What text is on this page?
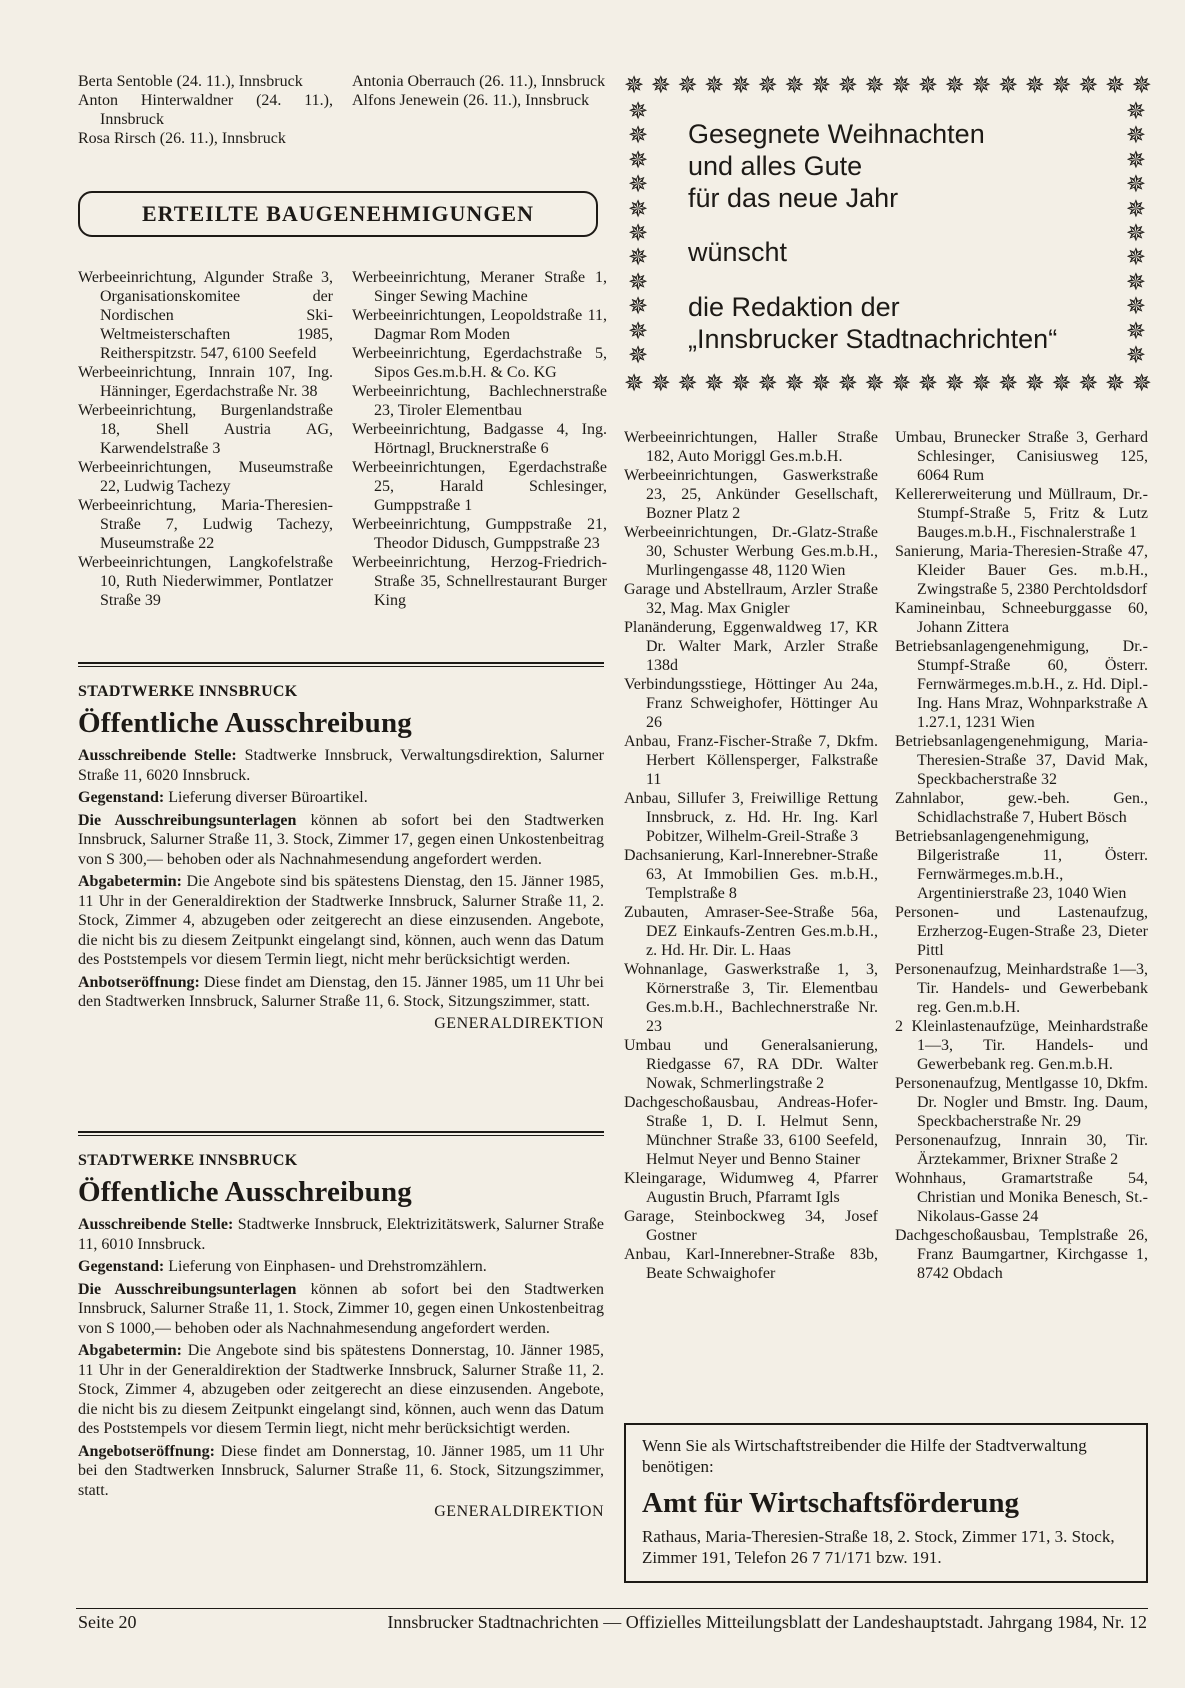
Berta Sentoble (24. 11.), Innsbruck
Anton Hinterwaldner (24. 11.), Innsbruck
Rosa Rirsch (26. 11.), Innsbruck
Antonia Oberrauch (26. 11.), Innsbruck
Alfons Jenewein (26. 11.), Innsbruck
ERTEILTE BAUGENEHMIGUNGEN
Werbeeinrichtung, Algunder Straße 3, Organisationskomitee der Nordischen Ski-Weltmeisterschaften 1985, Reitherspitzstr. 547, 6100 Seefeld
Werbeeinrichtung, Innrain 107, Ing. Hänninger, Egerdachstraße Nr. 38
Werbeeinrichtung, Burgenlandstraße 18, Shell Austria AG, Karwendelstraße 3
Werbeeinrichtungen, Museumstraße 22, Ludwig Tachezy
Werbeeinrichtung, Maria-Theresien-Straße 7, Ludwig Tachezy, Museumstraße 22
Werbeeinrichtungen, Langkofelstraße 10, Ruth Niederwimmer, Pontlatzer Straße 39
Werbeeinrichtung, Meraner Straße 1, Singer Sewing Machine
Werbeeinrichtungen, Leopoldstraße 11, Dagmar Rom Moden
Werbeeinrichtung, Egerdachstraße 5, Sipos Ges.m.b.H. & Co. KG
Werbeeinrichtung, Bachlechnerstraße 23, Tiroler Elementbau
Werbeeinrichtung, Badgasse 4, Ing. Hörtnagl, Brucknerstraße 6
Werbeeinrichtungen, Egerdachstraße 25, Harald Schlesinger, Gumppstraße 1
Werbeeinrichtung, Gumppstraße 21, Theodor Didusch, Gumppstraße 23
Werbeeinrichtung, Herzog-Friedrich-Straße 35, Schnellrestaurant Burger King
Werbeeinrichtungen, Haller Straße 182, Auto Moriggl Ges.m.b.H.
Werbeeinrichtungen, Gaswerkstraße 23, 25, Ankünder Gesellschaft, Bozner Platz 2
Werbeeinrichtungen, Dr.-Glatz-Straße 30, Schuster Werbung Ges.m.b.H., Murlingengasse 48, 1120 Wien
Garage und Abstellraum, Arzler Straße 32, Mag. Max Gnigler
Planänderung, Eggenwaldweg 17, KR Dr. Walter Mark, Arzler Straße 138d
Verbindungsstiege, Höttinger Au 24a, Franz Schweighofer, Höttinger Au 26
Anbau, Franz-Fischer-Straße 7, Dkfm. Herbert Köllensperger, Falkstraße 11
Anbau, Sillufer 3, Freiwillige Rettung Innsbruck, z. Hd. Hr. Ing. Karl Pobitzer, Wilhelm-Greil-Straße 3
Dachsanierung, Karl-Innerebner-Straße 63, At Immobilien Ges. m.b.H., Templstraße 8
Zubauten, Amraser-See-Straße 56a, DEZ Einkaufs-Zentren Ges.m.b.H., z. Hd. Hr. Dir. L. Haas
Wohnanlage, Gaswerkstraße 1, 3, Körnerstraße 3, Tir. Elementbau Ges.m.b.H., Bachlechnerstraße Nr. 23
Umbau und Generalsanierung, Riedgasse 67, RA DDr. Walter Nowak, Schmerlingstraße 2
Dachgeschoßausbau, Andreas-Hofer-Straße 1, D. I. Helmut Senn, Münchner Straße 33, 6100 Seefeld, Helmut Neyer und Benno Stainer
Kleingarage, Widumweg 4, Pfarrer Augustin Bruch, Pfarramt Igls
Garage, Steinbockweg 34, Josef Gostner
Anbau, Karl-Innerebner-Straße 83b, Beate Schwaighofer
Umbau, Brunecker Straße 3, Gerhard Schlesinger, Canisiusweg 125, 6064 Rum
Kellererweiterung und Müllraum, Dr.-Stumpf-Straße 5, Fritz & Lutz Bauges.m.b.H., Fischnalerstraße 1
Sanierung, Maria-Theresien-Straße 47, Kleider Bauer Ges. m.b.H., Zwingstraße 5, 2380 Perchtoldsdorf
Kamineinbau, Schneeburggasse 60, Johann Zittera
Betriebsanlagengenehmigung, Dr.-Stumpf-Straße 60, Österr. Fernwärmeges.m.b.H., z. Hd. Dipl.-Ing. Hans Mraz, Wohnparkstraße A 1.27.1, 1231 Wien
Betriebsanlagengenehmigung, Maria-Theresien-Straße 37, David Mak, Speckbacherstraße 32
Zahnlabor, gew.-beh. Gen., Schidlachstraße 7, Hubert Bösch
Betriebsanlagengenehmigung, Bilgeristraße 11, Österr. Fernwärmeges.m.b.H., Argentinierstraße 23, 1040 Wien
Personen- und Lastenaufzug, Erzherzog-Eugen-Straße 23, Dieter Pittl
Personenaufzug, Meinhardstraße 1—3, Tir. Handels- und Gewerbebank reg. Gen.m.b.H.
2 Kleinlastenaufzüge, Meinhardstraße 1—3, Tir. Handels- und Gewerbebank reg. Gen.m.b.H.
Personenaufzug, Mentlgasse 10, Dkfm. Dr. Nogler und Bmstr. Ing. Daum, Speckbacherstraße Nr. 29
Personenaufzug, Innrain 30, Tir. Ärztekammer, Brixner Straße 2
Wohnhaus, Gramartstraße 54, Christian und Monika Benesch, St.-Nikolaus-Gasse 24
Dachgeschoßausbau, Templstraße 26, Franz Baumgartner, Kirchgasse 1, 8742 Obdach
✵ ✵ ✵ ✵ ✵ ✵ ✵ ✵ ✵ ✵ ✵ ✵ ✵ ✵ ✵ ✵ ✵ ✵ ✵ ✵
✵
✵
✵
✵
✵
✵
✵
✵
✵
✵
✵
✵
✵
✵
✵
✵
✵
✵
✵
✵
✵
✵
✵ ✵ ✵ ✵ ✵ ✵ ✵ ✵ ✵ ✵ ✵ ✵ ✵ ✵ ✵ ✵ ✵ ✵ ✵ ✵
Gesegnete Weihnachten
und alles Gute
für das neue Jahr
wünscht
die Redaktion der
„Innsbrucker Stadtnachrichten“
STADTWERKE INNSBRUCK
Öffentliche Ausschreibung

Ausschreibende Stelle: Stadtwerke Innsbruck, Verwaltungsdirektion, Salurner Straße 11, 6020 Innsbruck.

Gegenstand: Lieferung diverser Büroartikel.

Die Ausschreibungsunterlagen können ab sofort bei den Stadtwerken Innsbruck, Salurner Straße 11, 3. Stock, Zimmer 17, gegen einen Unkostenbeitrag von S 300,— behoben oder als Nachnahmesendung angefordert werden.

Abgabetermin: Die Angebote sind bis spätestens Dienstag, den 15. Jänner 1985, 11 Uhr in der Generaldirektion der Stadtwerke Innsbruck, Salurner Straße 11, 2. Stock, Zimmer 4, abzugeben oder zeitgerecht an diese einzusenden. Angebote, die nicht bis zu diesem Zeitpunkt eingelangt sind, können, auch wenn das Datum des Poststempels vor diesem Termin liegt, nicht mehr berücksichtigt werden.

Anbotseröffnung: Diese findet am Dienstag, den 15. Jänner 1985, um 11 Uhr bei den Stadtwerken Innsbruck, Salurner Straße 11, 6. Stock, Sitzungszimmer, statt.

GENERALDIREKTION
STADTWERKE INNSBRUCK
Öffentliche Ausschreibung

Ausschreibende Stelle: Stadtwerke Innsbruck, Elektrizitätswerk, Salurner Straße 11, 6010 Innsbruck.

Gegenstand: Lieferung von Einphasen- und Drehstromzählern.

Die Ausschreibungsunterlagen können ab sofort bei den Stadtwerken Innsbruck, Salurner Straße 11, 1. Stock, Zimmer 10, gegen einen Unkostenbeitrag von S 1000,— behoben oder als Nachnahmesendung angefordert werden.

Abgabetermin: Die Angebote sind bis spätestens Donnerstag, 10. Jänner 1985, 11 Uhr in der Generaldirektion der Stadtwerke Innsbruck, Salurner Straße 11, 2. Stock, Zimmer 4, abzugeben oder zeitgerecht an diese einzusenden. Angebote, die nicht bis zu diesem Zeitpunkt eingelangt sind, können, auch wenn das Datum des Poststempels vor diesem Termin liegt, nicht mehr berücksichtigt werden.

Angebotseröffnung: Diese findet am Donnerstag, 10. Jänner 1985, um 11 Uhr bei den Stadtwerken Innsbruck, Salurner Straße 11, 6. Stock, Sitzungszimmer, statt.

GENERALDIREKTION
Wenn Sie als Wirtschaftstreibender die Hilfe der Stadtverwaltung benötigen:
Amt für Wirtschaftsförderung
Rathaus, Maria-Theresien-Straße 18, 2. Stock, Zimmer 171, 3. Stock, Zimmer 191, Telefon 26 7 71/171 bzw. 191.
Seite 20	Innsbrucker Stadtnachrichten — Offizielles Mitteilungsblatt der Landeshauptstadt. Jahrgang 1984, Nr. 12
